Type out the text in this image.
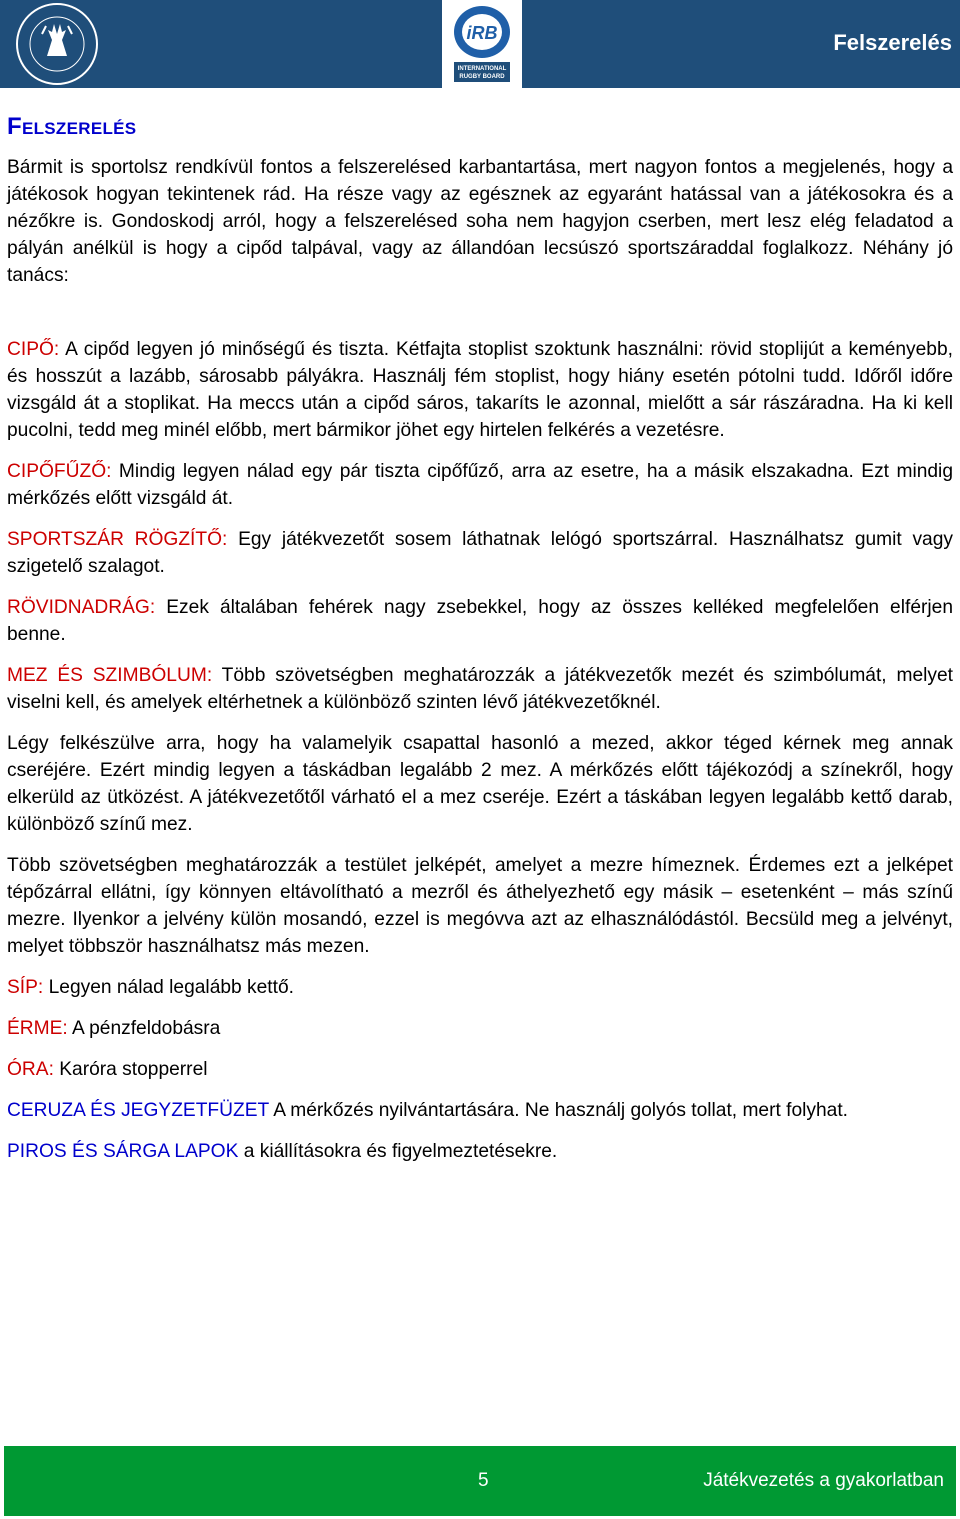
iRB
INTERNATIONAL
RUGBY BOARD
Felszerelés
Felszerelés

Bármit is sportolsz rendkívül fontos a felszerelésed karbantartása, mert nagyon fontos a megjelenés, hogy a játékosok hogyan tekintenek rád. Ha része vagy az egésznek az egyaránt hatással van a játékosokra és a nézőkre is. Gondoskodj arról, hogy a felszerelésed soha nem hagyjon cserben, mert lesz elég feladatod a pályán anélkül is hogy a cipőd talpával, vagy az állandóan lecsúszó sportszáraddal foglalkozz. Néhány jó tanács:

CIPŐ: A cipőd legyen jó minőségű és tiszta. Kétfajta stoplist szoktunk használni: rövid stoplijút a keményebb, és hosszút a lazább, sárosabb pályákra. Használj fém stoplist, hogy hiány esetén pótolni tudd. Időről időre vizsgáld át a stoplikat. Ha meccs után a cipőd sáros, takaríts le azonnal, mielőtt a sár rászáradna. Ha ki kell pucolni, tedd meg minél előbb, mert bármikor jöhet egy hirtelen felkérés a vezetésre.

CIPŐFŰZŐ: Mindig legyen nálad egy pár tiszta cipőfűző, arra az esetre, ha a másik elszakadna. Ezt mindig mérkőzés előtt vizsgáld át.

SPORTSZÁR RÖGZÍTŐ: Egy játékvezetőt sosem láthatnak lelógó sportszárral. Használhatsz gumit vagy szigetelő szalagot.

RÖVIDNADRÁG: Ezek általában fehérek nagy zsebekkel, hogy az összes kelléked megfelelően elférjen benne.

MEZ ÉS SZIMBÓLUM: Több szövetségben meghatározzák a játékvezetők mezét és szimbólumát, melyet viselni kell, és amelyek eltérhetnek a különböző szinten lévő játékvezetőknél.

Légy felkészülve arra, hogy ha valamelyik csapattal hasonló a mezed, akkor téged kérnek meg annak cseréjére. Ezért mindig legyen a táskádban legalább 2 mez. A mérkőzés előtt tájékozódj a színekről, hogy elkerüld az ütközést. A játékvezetőtől várható el a mez cseréje. Ezért a táskában legyen legalább kettő darab, különböző színű mez.

Több szövetségben meghatározzák a testület jelképét, amelyet a mezre hímeznek. Érdemes ezt a jelképet tépőzárral ellátni, így könnyen eltávolítható a mezről és áthelyezhető egy másik – esetenként – más színű mezre. Ilyenkor a jelvény külön mosandó, ezzel is megóvva azt az elhasználódástól. Becsüld meg a jelvényt, melyet többször használhatsz más mezen.

SÍP: Legyen nálad legalább kettő.

ÉRME: A pénzfeldobásra

ÓRA: Karóra stopperrel

CERUZA ÉS JEGYZETFÜZET A mérkőzés nyilvántartására. Ne használj golyós tollat, mert folyhat.

PIROS ÉS SÁRGA LAPOK a kiállításokra és figyelmeztetésekre.

5	Játékvezetés a gyakorlatban
